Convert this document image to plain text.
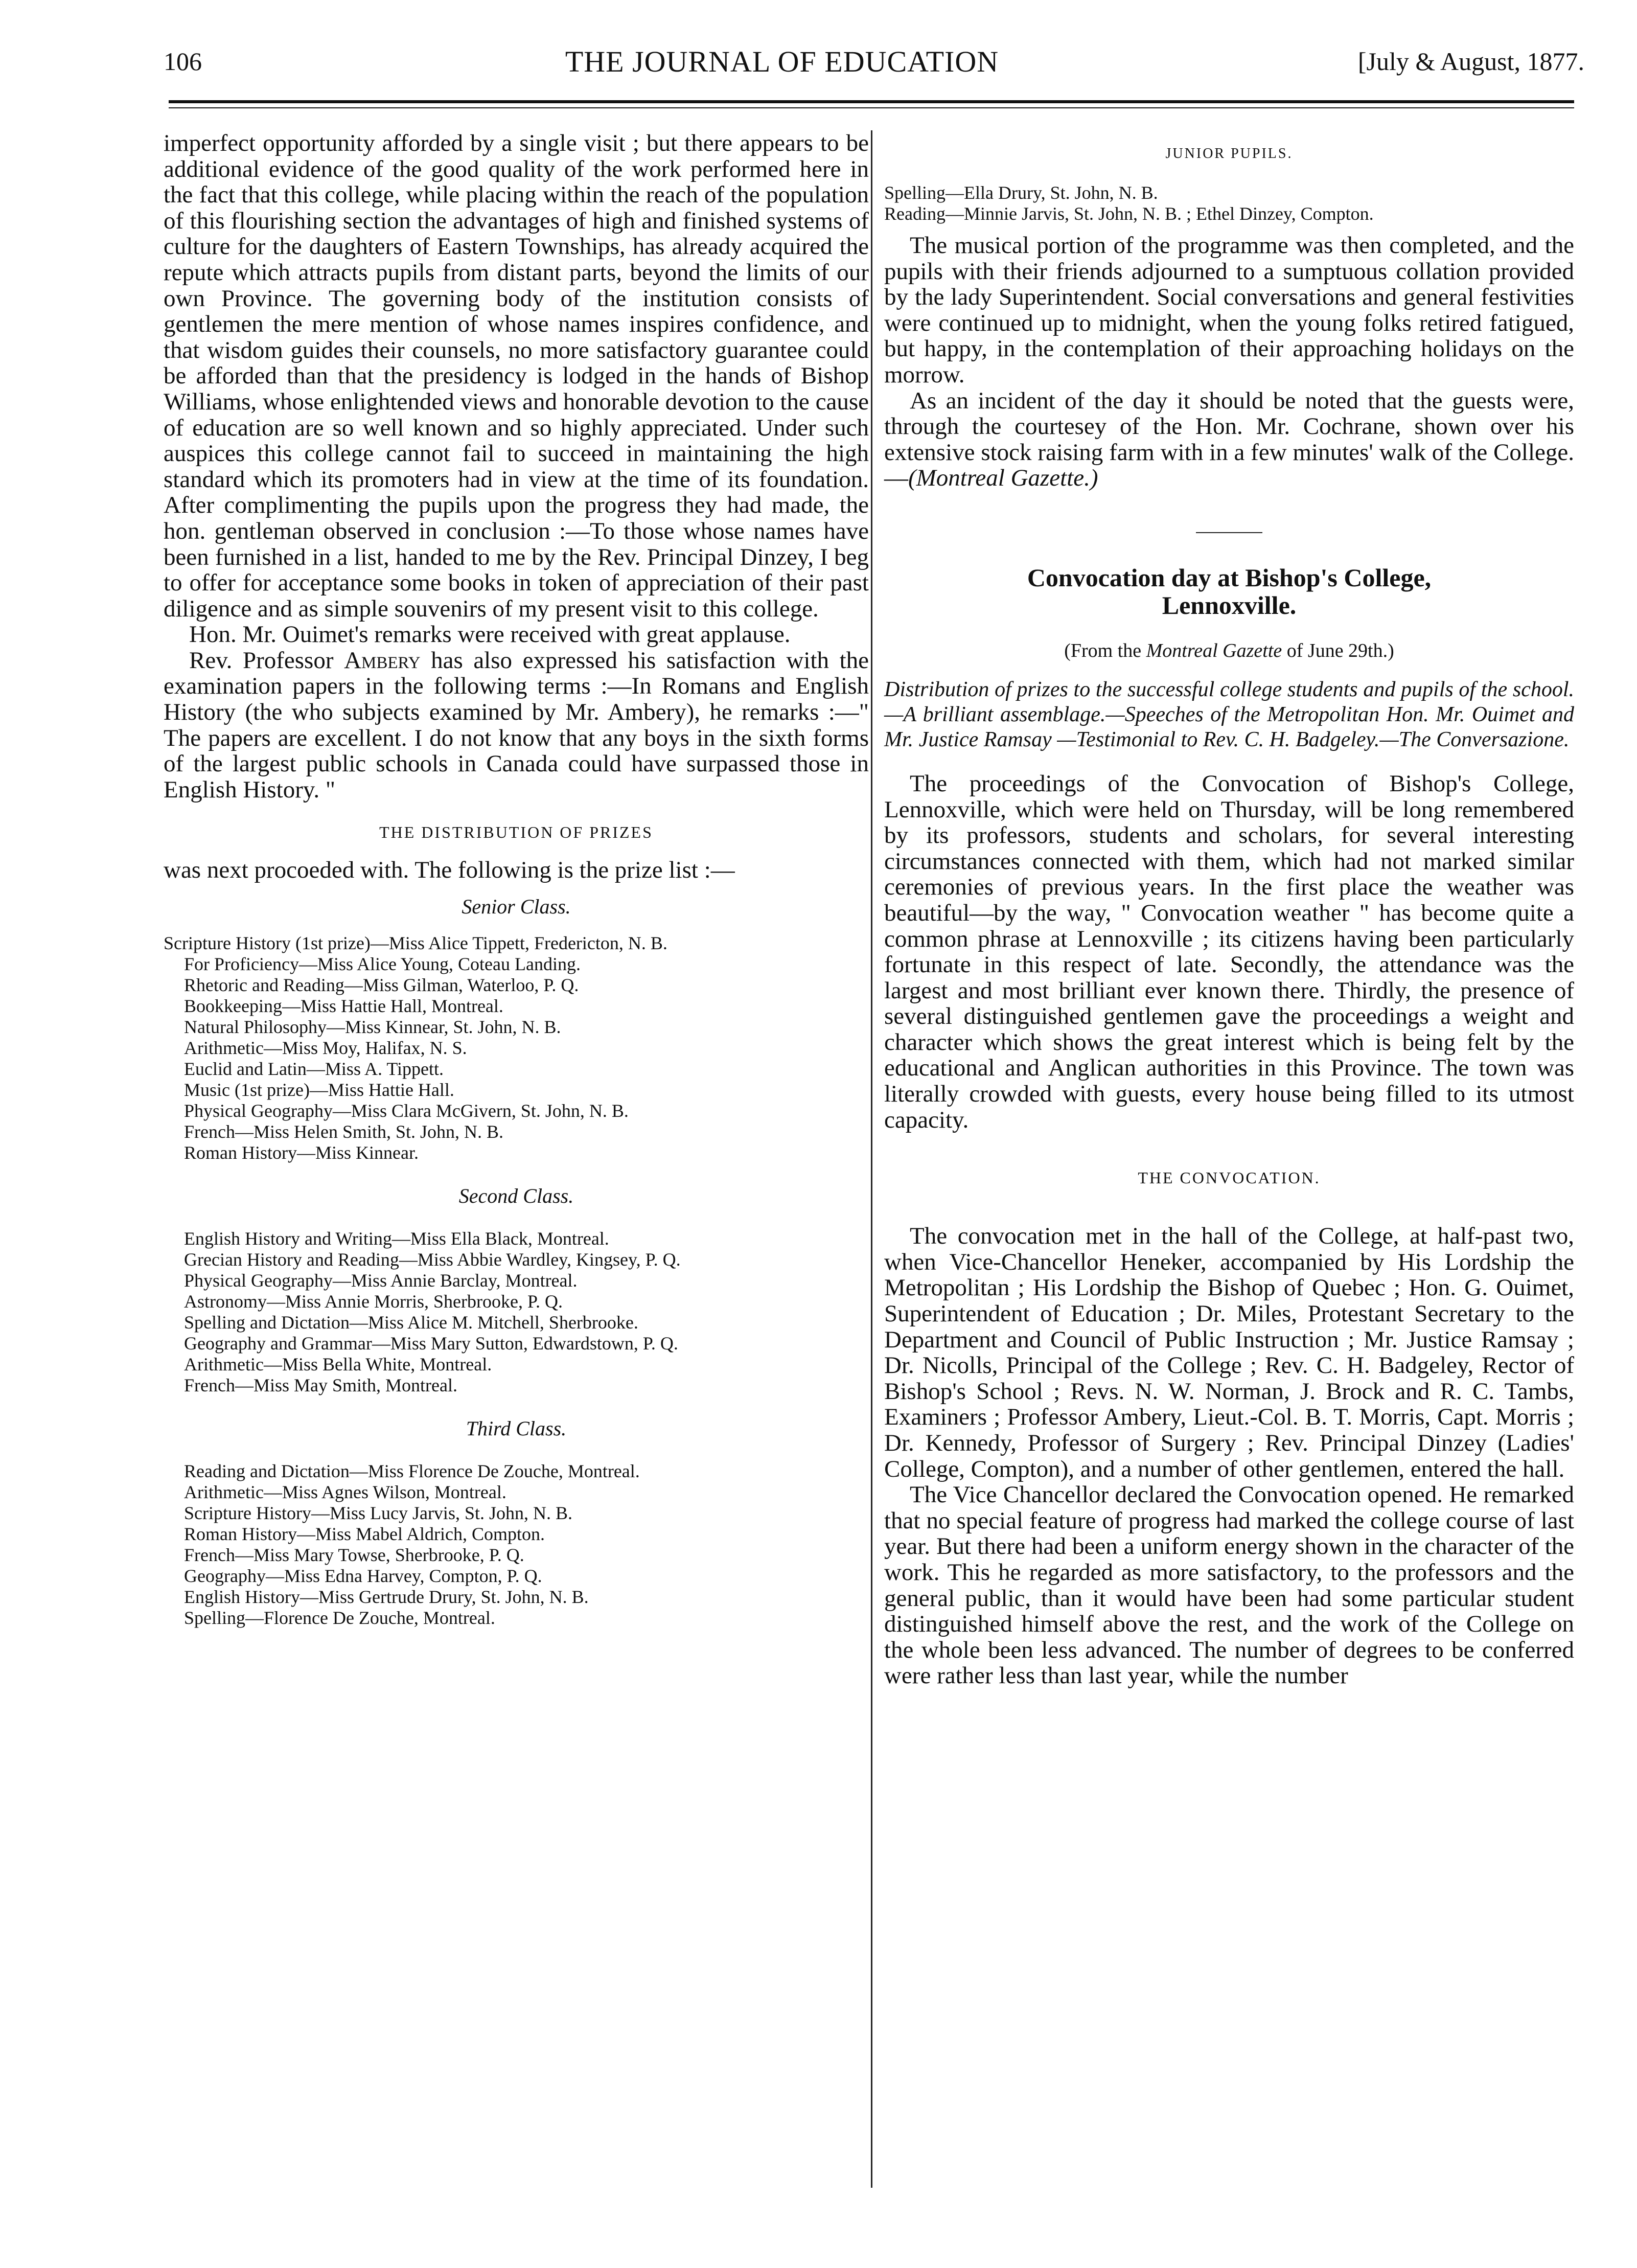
106	THE JOURNAL OF EDUCATION	[July & August, 1877.

imperfect opportunity afforded by a single visit ; but there appears to be additional evidence of the good quality of the work performed here in the fact that this college, while placing within the reach of the population of this flourishing section the advantages of high and finished systems of culture for the daughters of Eastern Townships, has already acquired the repute which attracts pupils from distant parts, beyond the limits of our own Province. The governing body of the institution consists of gentlemen the mere mention of whose names inspires confidence, and that wisdom guides their counsels, no more satisfactory guarantee could be afforded than that the presidency is lodged in the hands of Bishop Williams, whose enlightended views and honorable devotion to the cause of education are so well known and so highly appreciated. Under such auspices this college cannot fail to succeed in maintaining the high standard which its promoters had in view at the time of its foundation. After complimenting the pupils upon the progress they had made, the hon. gentleman observed in conclusion :—To those whose names have been furnished in a list, handed to me by the Rev. Principal Dinzey, I beg to offer for acceptance some books in token of appreciation of their past diligence and as simple souvenirs of my present visit to this college.

Hon. Mr. Ouimet's remarks were received with great applause.

Rev. Professor Ambery has also expressed his satisfaction with the examination papers in the following terms :—In Romans and English History (the who subjects examined by Mr. Ambery), he remarks :—" The papers are excellent. I do not know that any boys in the sixth forms of the largest public schools in Canada could have surpassed those in English History. "

THE DISTRIBUTION OF PRIZES

was next procoeded with. The following is the prize list :—

Senior Class.

Scripture History (1st prize)—Miss Alice Tippett, Fredericton, N. B.

For Proficiency—Miss Alice Young, Coteau Landing.

Rhetoric and Reading—Miss Gilman, Waterloo, P. Q.

Bookkeeping—Miss Hattie Hall, Montreal.

Natural Philosophy—Miss Kinnear, St. John, N. B.

Arithmetic—Miss Moy, Halifax, N. S.

Euclid and Latin—Miss A. Tippett.

Music (1st prize)—Miss Hattie Hall.

Physical Geography—Miss Clara McGivern, St. John, N. B.

French—Miss Helen Smith, St. John, N. B.

Roman History—Miss Kinnear.

Second Class.

English History and Writing—Miss Ella Black, Montreal.

Grecian History and Reading—Miss Abbie Wardley, Kingsey, P. Q.

Physical Geography—Miss Annie Barclay, Montreal.

Astronomy—Miss Annie Morris, Sherbrooke, P. Q.

Spelling and Dictation—Miss Alice M. Mitchell, Sherbrooke.

Geography and Grammar—Miss Mary Sutton, Edwardstown, P. Q.

Arithmetic—Miss Bella White, Montreal.

French—Miss May Smith, Montreal.

Third Class.

Reading and Dictation—Miss Florence De Zouche, Montreal.

Arithmetic—Miss Agnes Wilson, Montreal.

Scripture History—Miss Lucy Jarvis, St. John, N. B.

Roman History—Miss Mabel Aldrich, Compton.

French—Miss Mary Towse, Sherbrooke, P. Q.

Geography—Miss Edna Harvey, Compton, P. Q.

English History—Miss Gertrude Drury, St. John, N. B.

Spelling—Florence De Zouche, Montreal.

JUNIOR PUPILS.

Spelling—Ella Drury, St. John, N. B.

Reading—Minnie Jarvis, St. John, N. B. ; Ethel Dinzey, Compton.

The musical portion of the programme was then completed, and the pupils with their friends adjourned to a sumptuous collation provided by the lady Superintendent. Social conversations and general festivities were continued up to midnight, when the young folks retired fatigued, but happy, in the contemplation of their approaching holidays on the morrow.

As an incident of the day it should be noted that the guests were, through the courtesey of the Hon. Mr. Cochrane, shown over his extensive stock raising farm with in a few minutes' walk of the College.—(Montreal Gazette.)

Convocation day at Bishop's College,
Lennoxville.

(From the Montreal Gazette of June 29th.)

Distribution of prizes to the successful college students and pupils of the school.—A brilliant assemblage.—Speeches of the Metropolitan Hon. Mr. Ouimet and Mr. Justice Ramsay —Testimonial to Rev. C. H. Badgeley.—The Conversazione.

The proceedings of the Convocation of Bishop's College, Lennoxville, which were held on Thursday, will be long remembered by its professors, students and scholars, for several interesting circumstances connected with them, which had not marked similar ceremonies of previous years. In the first place the weather was beautiful—by the way, " Convocation weather " has become quite a common phrase at Lennoxville ; its citizens having been particularly fortunate in this respect of late. Secondly, the attendance was the largest and most brilliant ever known there. Thirdly, the presence of several distinguished gentlemen gave the proceedings a weight and character which shows the great interest which is being felt by the educational and Anglican authorities in this Province. The town was literally crowded with guests, every house being filled to its utmost capacity.

THE CONVOCATION.

The convocation met in the hall of the College, at half-past two, when Vice-Chancellor Heneker, accompanied by His Lordship the Metropolitan ; His Lordship the Bishop of Quebec ; Hon. G. Ouimet, Superintendent of Education ; Dr. Miles, Protestant Secretary to the Department and Council of Public Instruction ; Mr. Justice Ramsay ; Dr. Nicolls, Principal of the College ; Rev. C. H. Badgeley, Rector of Bishop's School ; Revs. N. W. Norman, J. Brock and R. C. Tambs, Examiners ; Professor Ambery, Lieut.-Col. B. T. Morris, Capt. Morris ; Dr. Kennedy, Professor of Surgery ; Rev. Principal Dinzey (Ladies' College, Compton), and a number of other gentlemen, entered the hall.

The Vice Chancellor declared the Convocation opened. He remarked that no special feature of progress had marked the college course of last year. But there had been a uniform energy shown in the character of the work. This he regarded as more satisfactory, to the professors and the general public, than it would have been had some particular student distinguished himself above the rest, and the work of the College on the whole been less advanced. The number of degrees to be conferred were rather less than last year, while the number
